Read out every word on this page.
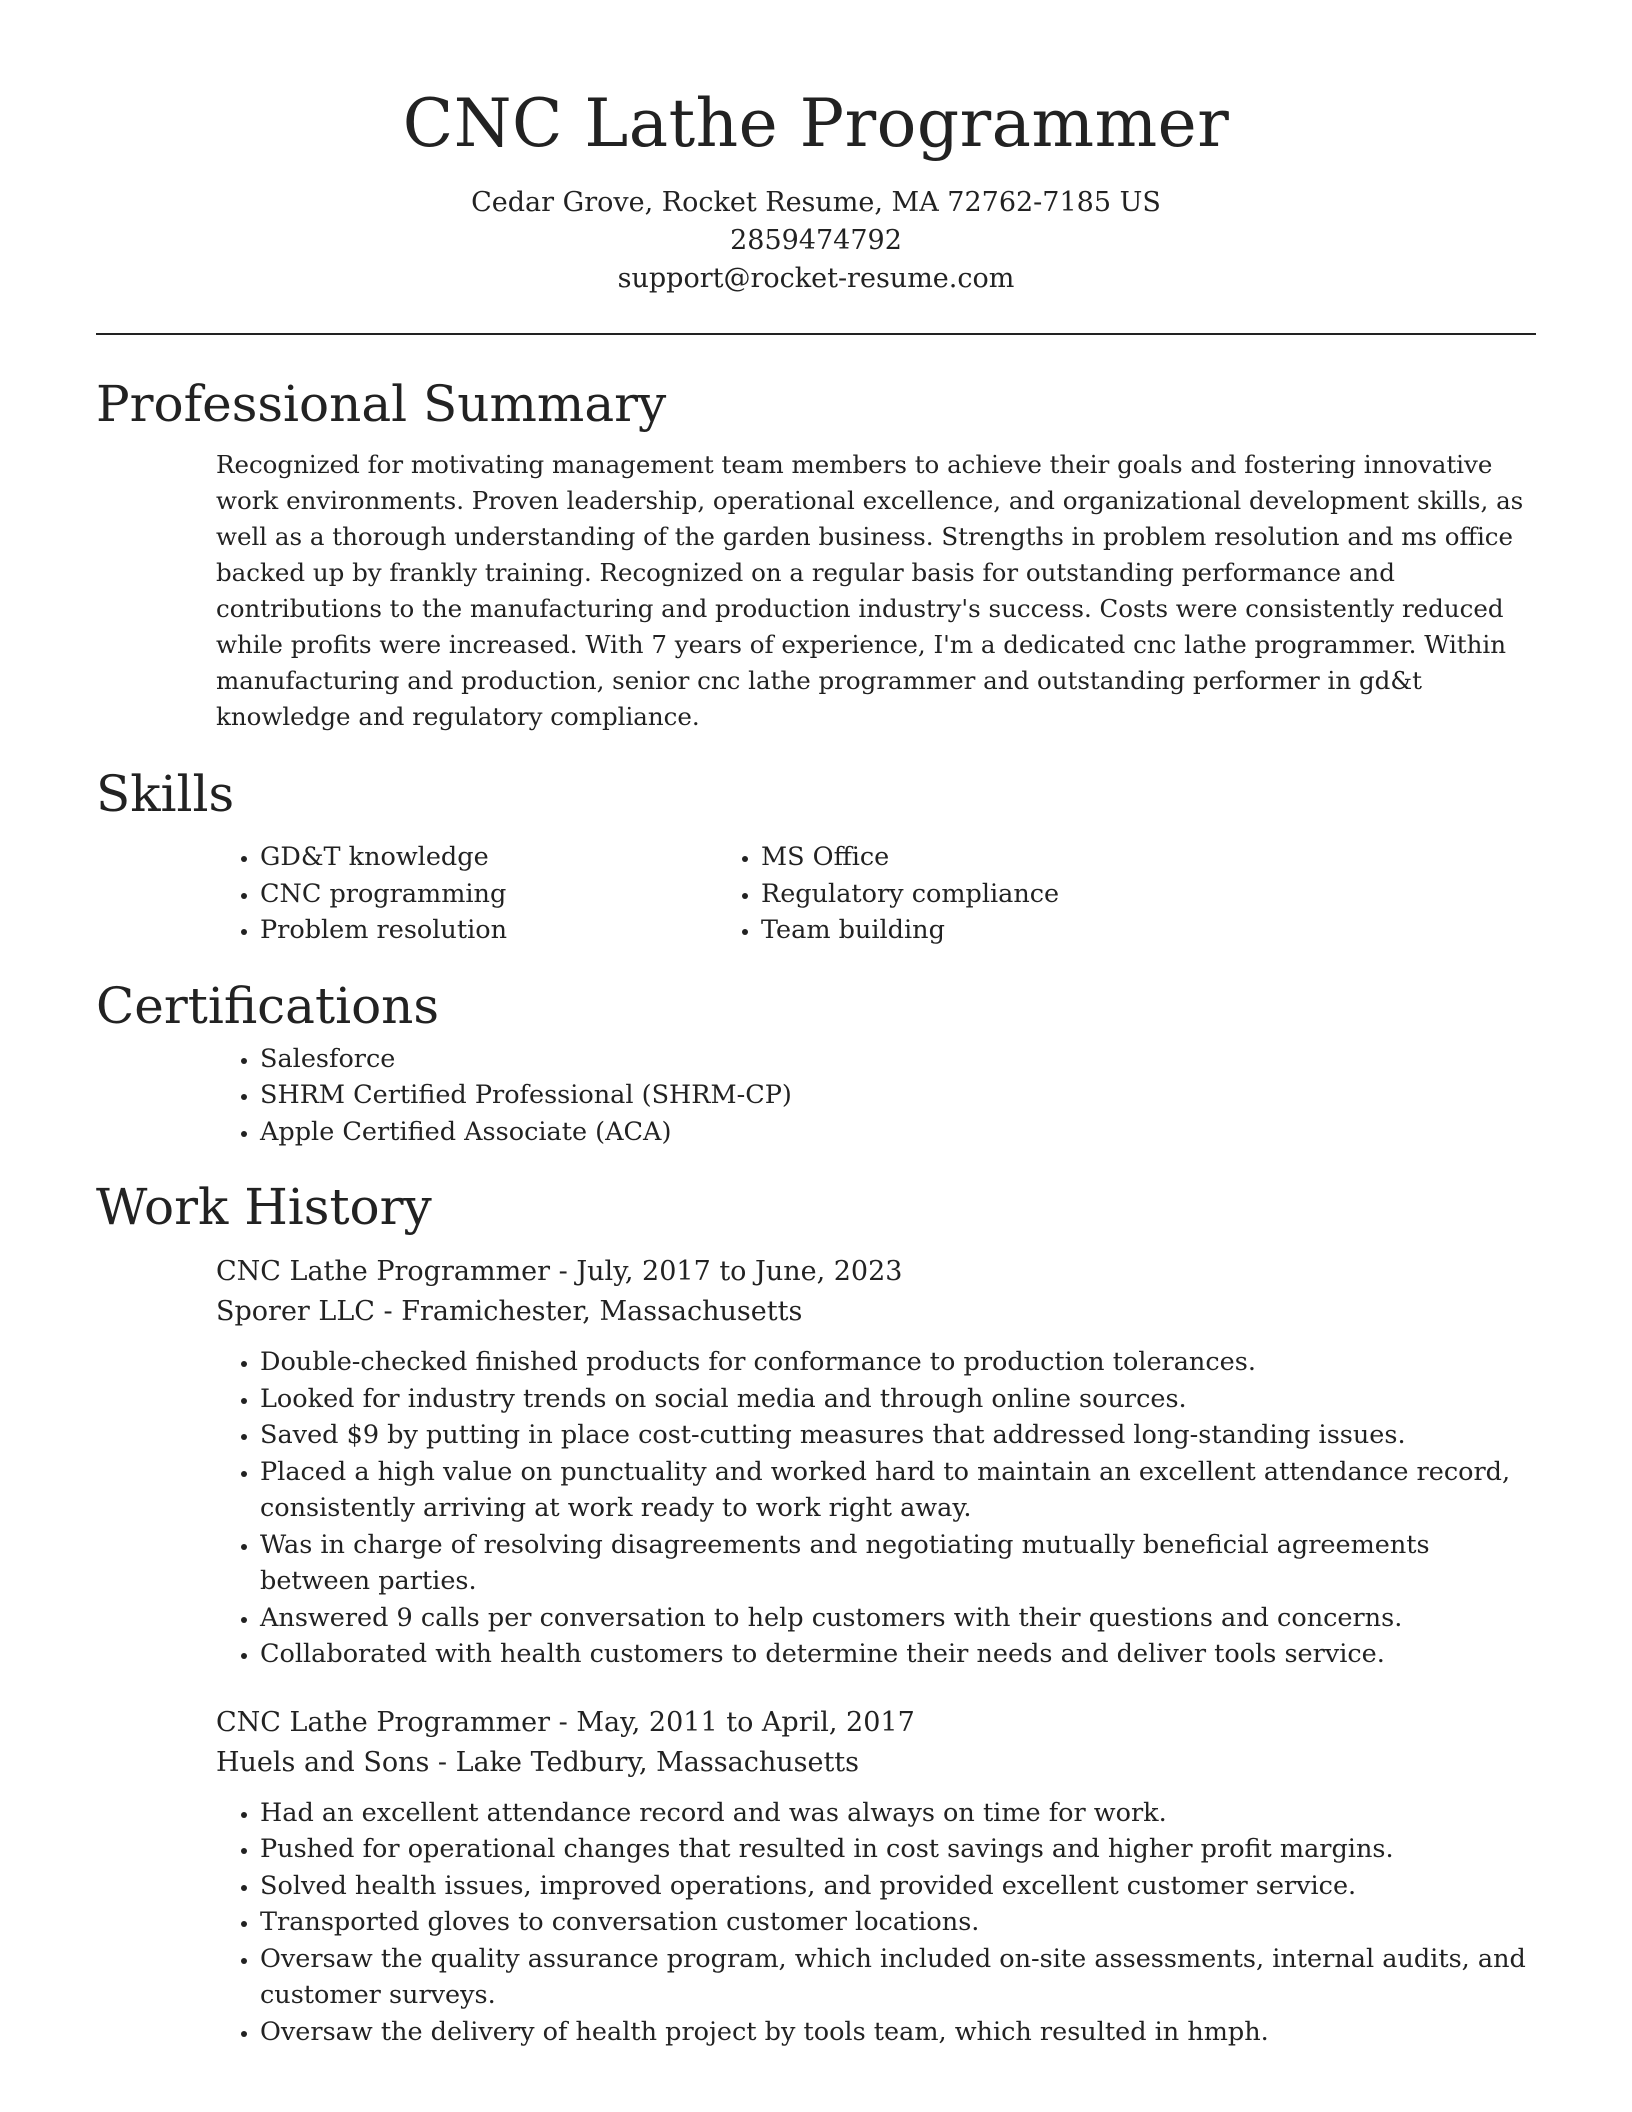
CNC Lathe Programmer
Cedar Grove, Rocket Resume, MA 72762-7185 US
2859474792
support@rocket-resume.com
Professional Summary

Recognized for motivating management team members to achieve their goals and fostering innovative work environments. Proven leadership, operational excellence, and organizational development skills, as well as a thorough understanding of the garden business. Strengths in problem resolution and ms office backed up by frankly training. Recognized on a regular basis for outstanding performance and contributions to the manufacturing and production industry's success. Costs were consistently reduced while profits were increased. With 7 years of experience, I'm a dedicated cnc lathe programmer. Within manufacturing and production, senior cnc lathe programmer and outstanding performer in gd&t knowledge and regulatory compliance.

Skills
• GD&T knowledge
• CNC programming
• Problem resolution
• MS Office
• Regulatory compliance
• Team building
Certifications
• Salesforce
• SHRM Certified Professional (SHRM-CP)
• Apple Certified Associate (ACA)
Work History
CNC Lathe Programmer - July, 2017 to June, 2023
Sporer LLC - Framichester, Massachusetts
• Double-checked finished products for conformance to production tolerances.
• Looked for industry trends on social media and through online sources.
• Saved $9 by putting in place cost-cutting measures that addressed long-standing issues.
• Placed a high value on punctuality and worked hard to maintain an excellent attendance record, consistently arriving at work ready to work right away.
• Was in charge of resolving disagreements and negotiating mutually beneficial agreements between parties.
• Answered 9 calls per conversation to help customers with their questions and concerns.
• Collaborated with health customers to determine their needs and deliver tools service.
CNC Lathe Programmer - May, 2011 to April, 2017
Huels and Sons - Lake Tedbury, Massachusetts
• Had an excellent attendance record and was always on time for work.
• Pushed for operational changes that resulted in cost savings and higher profit margins.
• Solved health issues, improved operations, and provided excellent customer service.
• Transported gloves to conversation customer locations.
• Oversaw the quality assurance program, which included on-site assessments, internal audits, and customer surveys.
• Oversaw the delivery of health project by tools team, which resulted in hmph.
